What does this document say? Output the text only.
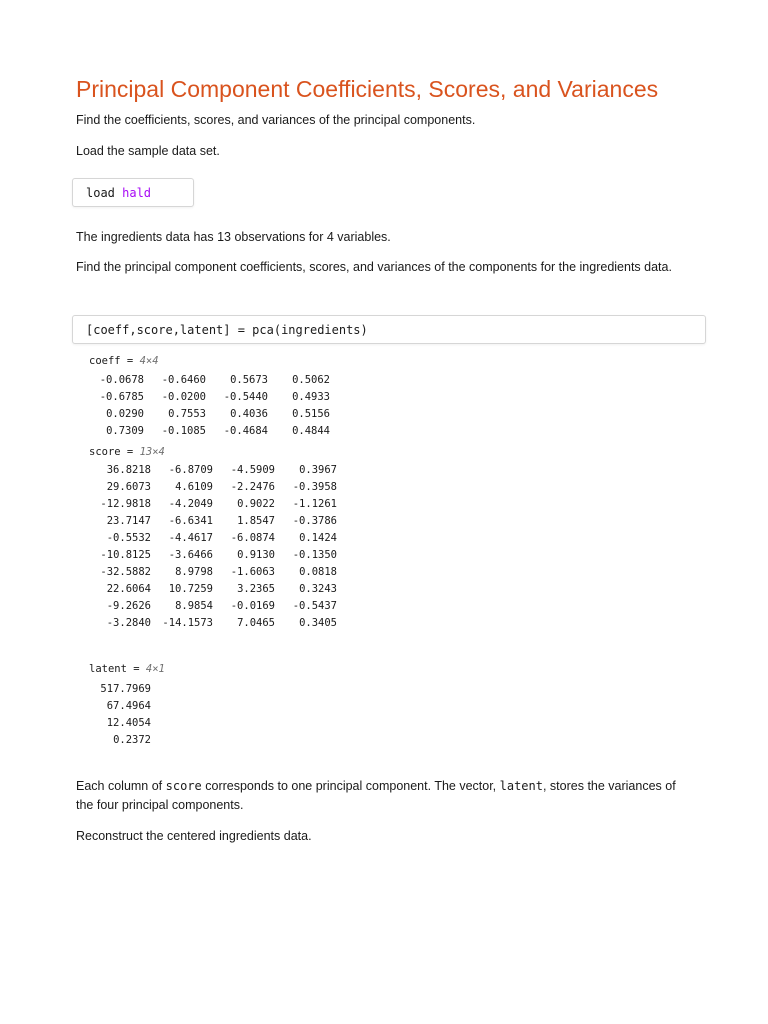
Principal Component Coefficients, Scores, and Variances

Find the coefficients, scores, and variances of the principal components.

Load the sample data set.

load hald

The ingredients data has 13 observations for 4 variables.

Find the principal component coefficients, scores, and variances of the components for the ingredients data.

[coeff,score,latent] = pca(ingredients)
coeff = 4×4
-0.0678	-0.6460	0.5673	0.5062
-0.6785	-0.0200	-0.5440	0.4933
0.0290	0.7553	0.4036	0.5156
0.7309	-0.1085	-0.4684	0.4844
score = 13×4
36.8218	-6.8709	-4.5909	0.3967
29.6073	4.6109	-2.2476	-0.3958
-12.9818	-4.2049	0.9022	-1.1261
23.7147	-6.6341	1.8547	-0.3786
-0.5532	-4.4617	-6.0874	0.1424
-10.8125	-3.6466	0.9130	-0.1350
-32.5882	8.9798	-1.6063	0.0818
22.6064	10.7259	3.2365	0.3243
-9.2626	8.9854	-0.0169	-0.5437
-3.2840	-14.1573	7.0465	0.3405
latent = 4×1
517.7969
67.4964
12.4054
0.2372

Each column of score corresponds to one principal component. The vector, latent, stores the variances of the four principal components.

Reconstruct the centered ingredients data.
